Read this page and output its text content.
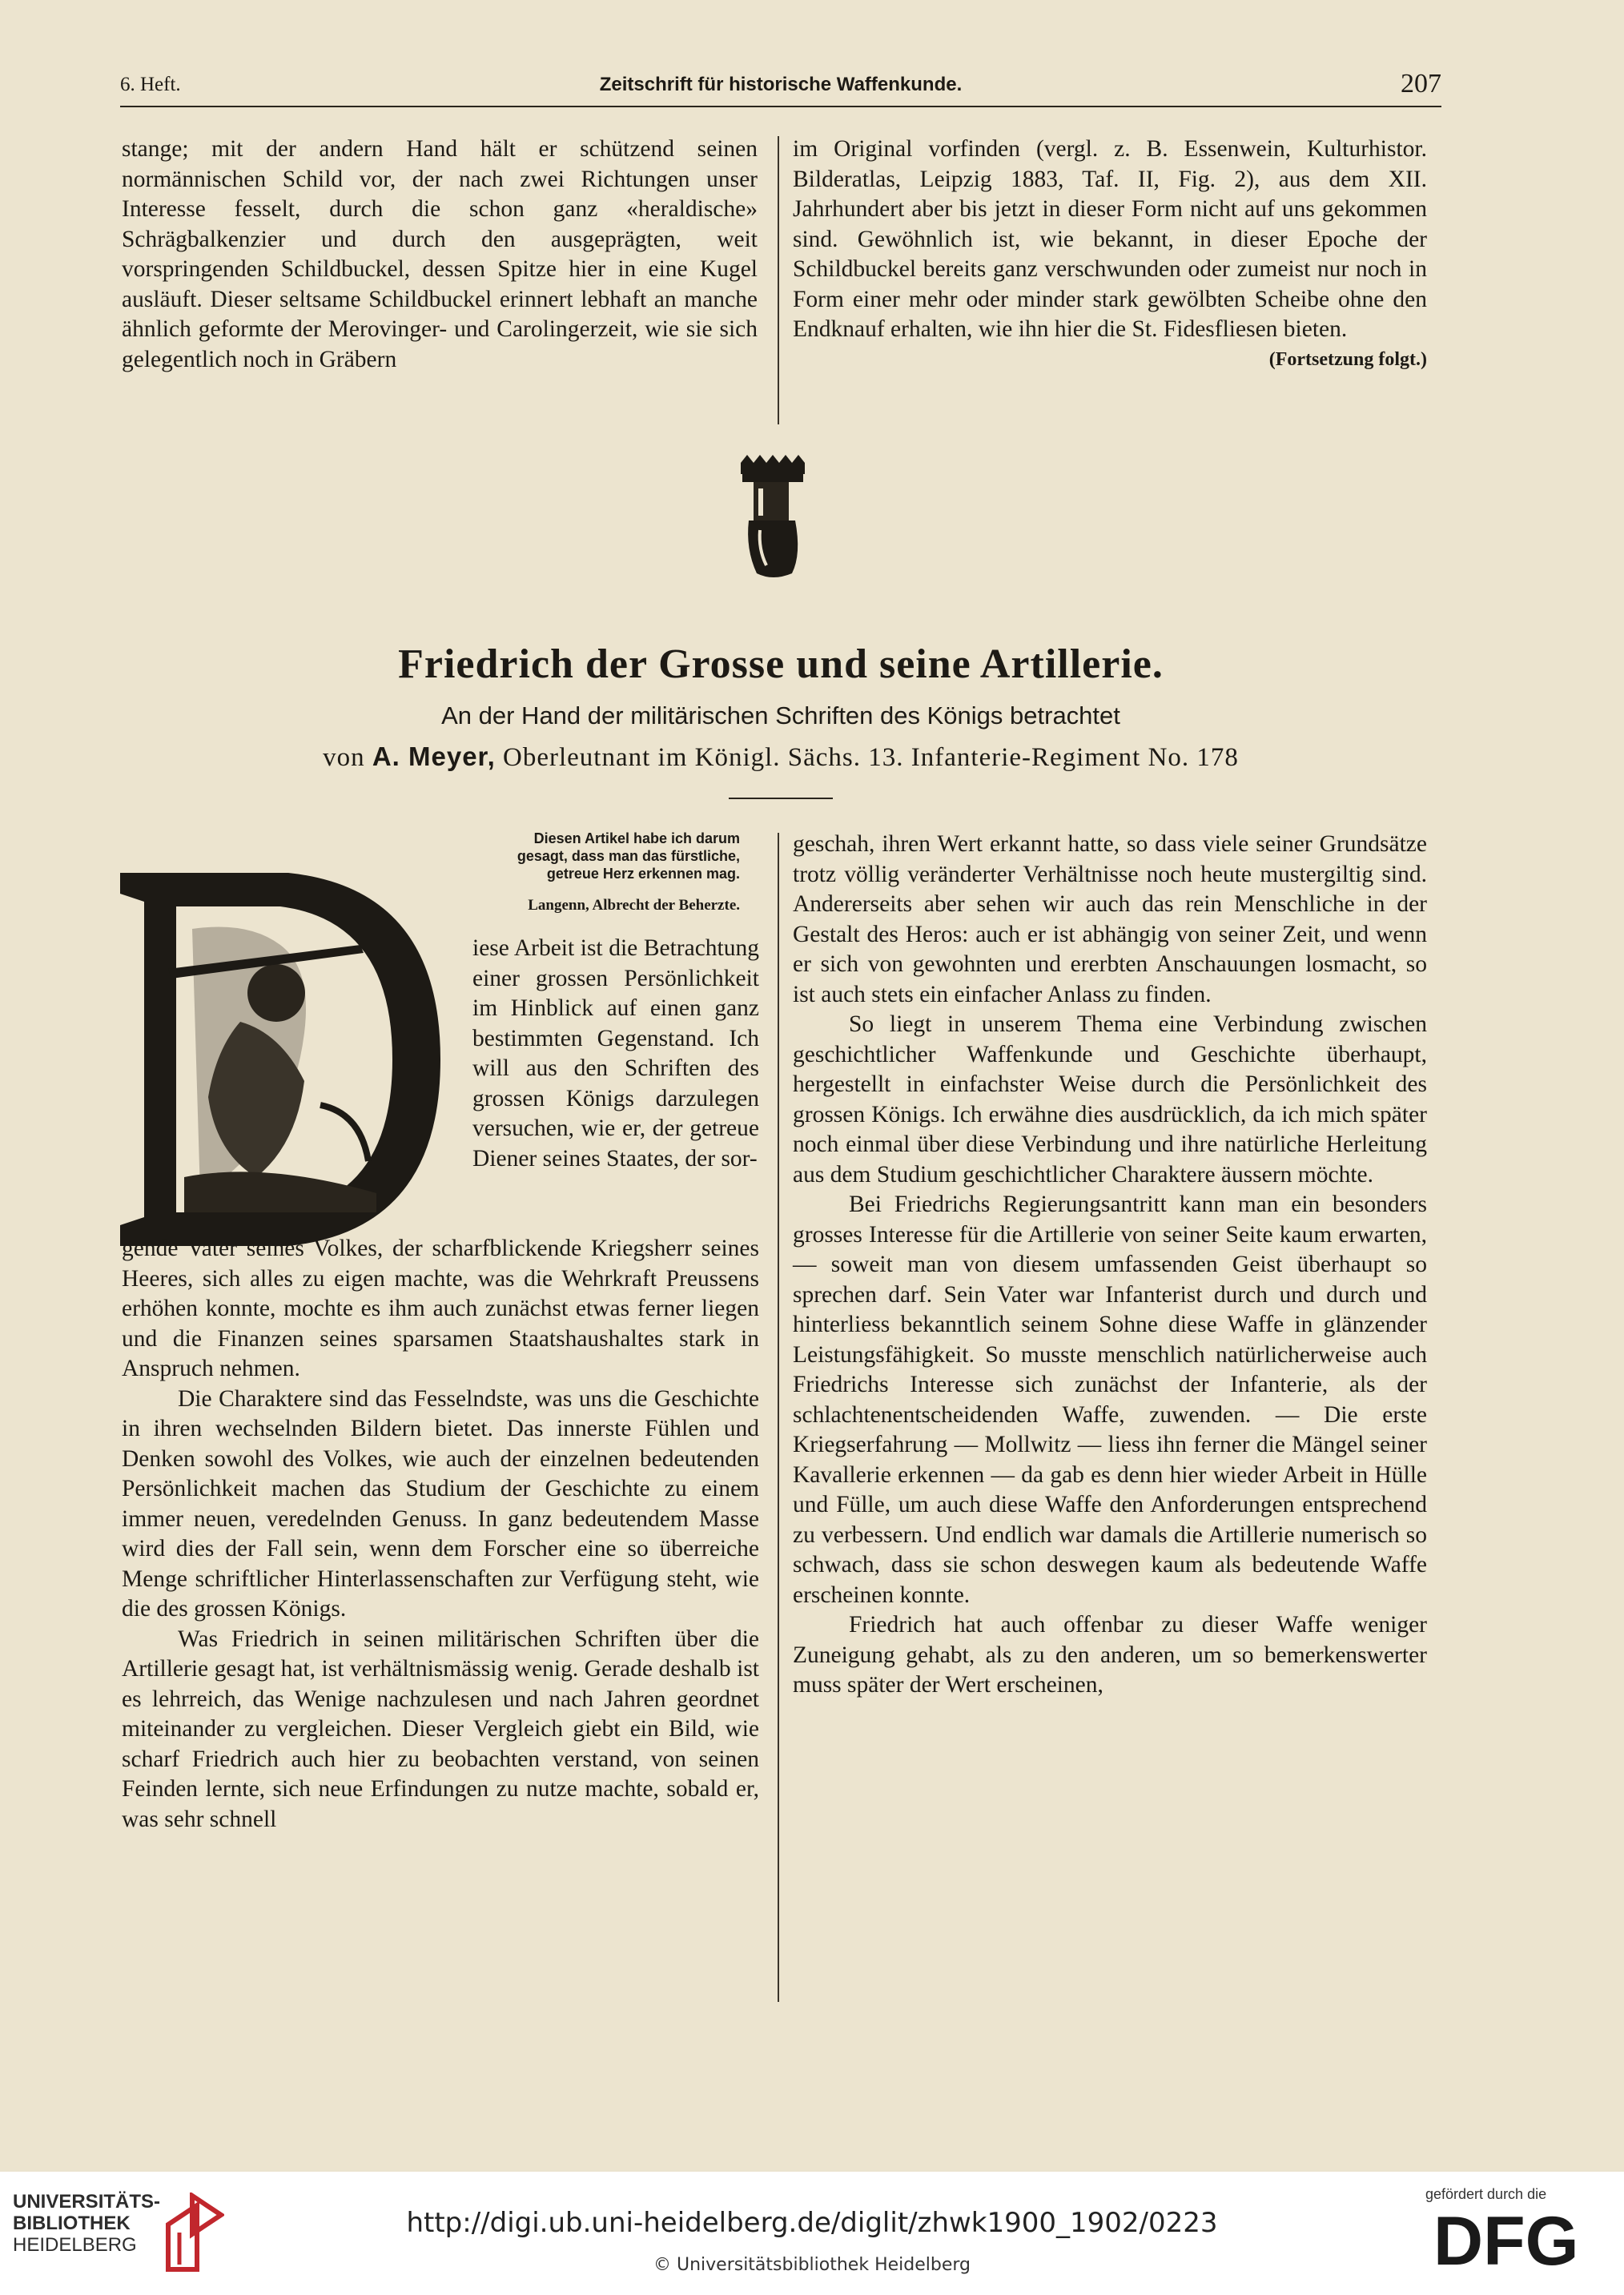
6. Heft.	Zeitschrift für historische Waffenkunde.	207

stange; mit der andern Hand hält er schützend seinen normännischen Schild vor, der nach zwei Richtungen unser Interesse fesselt, durch die schon ganz «heraldische» Schrägbalkenzier und durch den ausgeprägten, weit vorspringenden Schildbuckel, dessen Spitze hier in eine Kugel ausläuft. Dieser seltsame Schildbuckel erinnert lebhaft an manche ähnlich geformte der Merovinger- und Carolingerzeit, wie sie sich gelegentlich noch in Gräbern

im Original vorfinden (vergl. z. B. Essenwein, Kulturhistor. Bilderatlas, Leipzig 1883, Taf. II, Fig. 2), aus dem XII. Jahrhundert aber bis jetzt in dieser Form nicht auf uns gekommen sind. Gewöhnlich ist, wie bekannt, in dieser Epoche der Schildbuckel bereits ganz verschwunden oder zumeist nur noch in Form einer mehr oder minder stark gewölbten Scheibe ohne den Endknauf erhalten, wie ihn hier die St. Fidesfliesen bieten.
(Fortsetzung folgt.)

Friedrich der Grosse und seine Artillerie.
An der Hand der militärischen Schriften des Königs betrachtet
von A. Meyer, Oberleutnant im Königl. Sächs. 13. Infanterie-Regiment No. 178
Diesen Artikel habe ich darum
gesagt, dass man das fürstliche,
getreue Herz erkennen mag.
Langenn, Albrecht der Beherzte.

iese Arbeit ist die Betrachtung einer grossen Persönlichkeit im Hinblick auf einen ganz bestimmten Gegenstand. Ich will aus den Schriften des grossen Königs darzulegen versuchen, wie er, der getreue Diener seines Staates, der sor-

gende Vater seines Volkes, der scharfblickende Kriegsherr seines Heeres, sich alles zu eigen machte, was die Wehrkraft Preussens erhöhen konnte, mochte es ihm auch zunächst etwas ferner liegen und die Finanzen seines sparsamen Staatshaushaltes stark in Anspruch nehmen.

Die Charaktere sind das Fesselndste, was uns die Geschichte in ihren wechselnden Bildern bietet. Das innerste Fühlen und Denken sowohl des Volkes, wie auch der einzelnen bedeutenden Persönlichkeit machen das Studium der Geschichte zu einem immer neuen, veredelnden Genuss. In ganz bedeutendem Masse wird dies der Fall sein, wenn dem Forscher eine so überreiche Menge schriftlicher Hinterlassenschaften zur Verfügung steht, wie die des grossen Königs.

Was Friedrich in seinen militärischen Schriften über die Artillerie gesagt hat, ist verhältnismässig wenig. Gerade deshalb ist es lehrreich, das Wenige nachzulesen und nach Jahren geordnet miteinander zu vergleichen. Dieser Vergleich giebt ein Bild, wie scharf Friedrich auch hier zu beobachten verstand, von seinen Feinden lernte, sich neue Erfindungen zu nutze machte, sobald er, was sehr schnell

geschah, ihren Wert erkannt hatte, so dass viele seiner Grundsätze trotz völlig veränderter Verhältnisse noch heute mustergiltig sind. Andererseits aber sehen wir auch das rein Menschliche in der Gestalt des Heros: auch er ist abhängig von seiner Zeit, und wenn er sich von gewohnten und ererbten Anschauungen losmacht, so ist auch stets ein einfacher Anlass zu finden.

So liegt in unserem Thema eine Verbindung zwischen geschichtlicher Waffenkunde und Geschichte überhaupt, hergestellt in einfachster Weise durch die Persönlichkeit des grossen Königs. Ich erwähne dies ausdrücklich, da ich mich später noch einmal über diese Verbindung und ihre natürliche Herleitung aus dem Studium geschichtlicher Charaktere äussern möchte.

Bei Friedrichs Regierungsantritt kann man ein besonders grosses Interesse für die Artillerie von seiner Seite kaum erwarten, — soweit man von diesem umfassenden Geist überhaupt so sprechen darf. Sein Vater war Infanterist durch und durch und hinterliess bekanntlich seinem Sohne diese Waffe in glänzender Leistungsfähigkeit. So musste menschlich natürlicherweise auch Friedrichs Interesse sich zunächst der Infanterie, als der schlachtenentscheidenden Waffe, zuwenden. — Die erste Kriegserfahrung — Mollwitz — liess ihn ferner die Mängel seiner Kavallerie erkennen — da gab es denn hier wieder Arbeit in Hülle und Fülle, um auch diese Waffe den Anforderungen entsprechend zu verbessern. Und endlich war damals die Artillerie numerisch so schwach, dass sie schon deswegen kaum als bedeutende Waffe erscheinen konnte.

Friedrich hat auch offenbar zu dieser Waffe weniger Zuneigung gehabt, als zu den anderen, um so bemerkenswerter muss später der Wert erscheinen,

UNIVERSITÄTS-
BIBLIOTHEK
HEIDELBERG
http://digi.ub.uni-heidelberg.de/diglit/zhwk1900_1902/0223
© Universitätsbibliothek Heidelberg
gefördert durch die
DFG
